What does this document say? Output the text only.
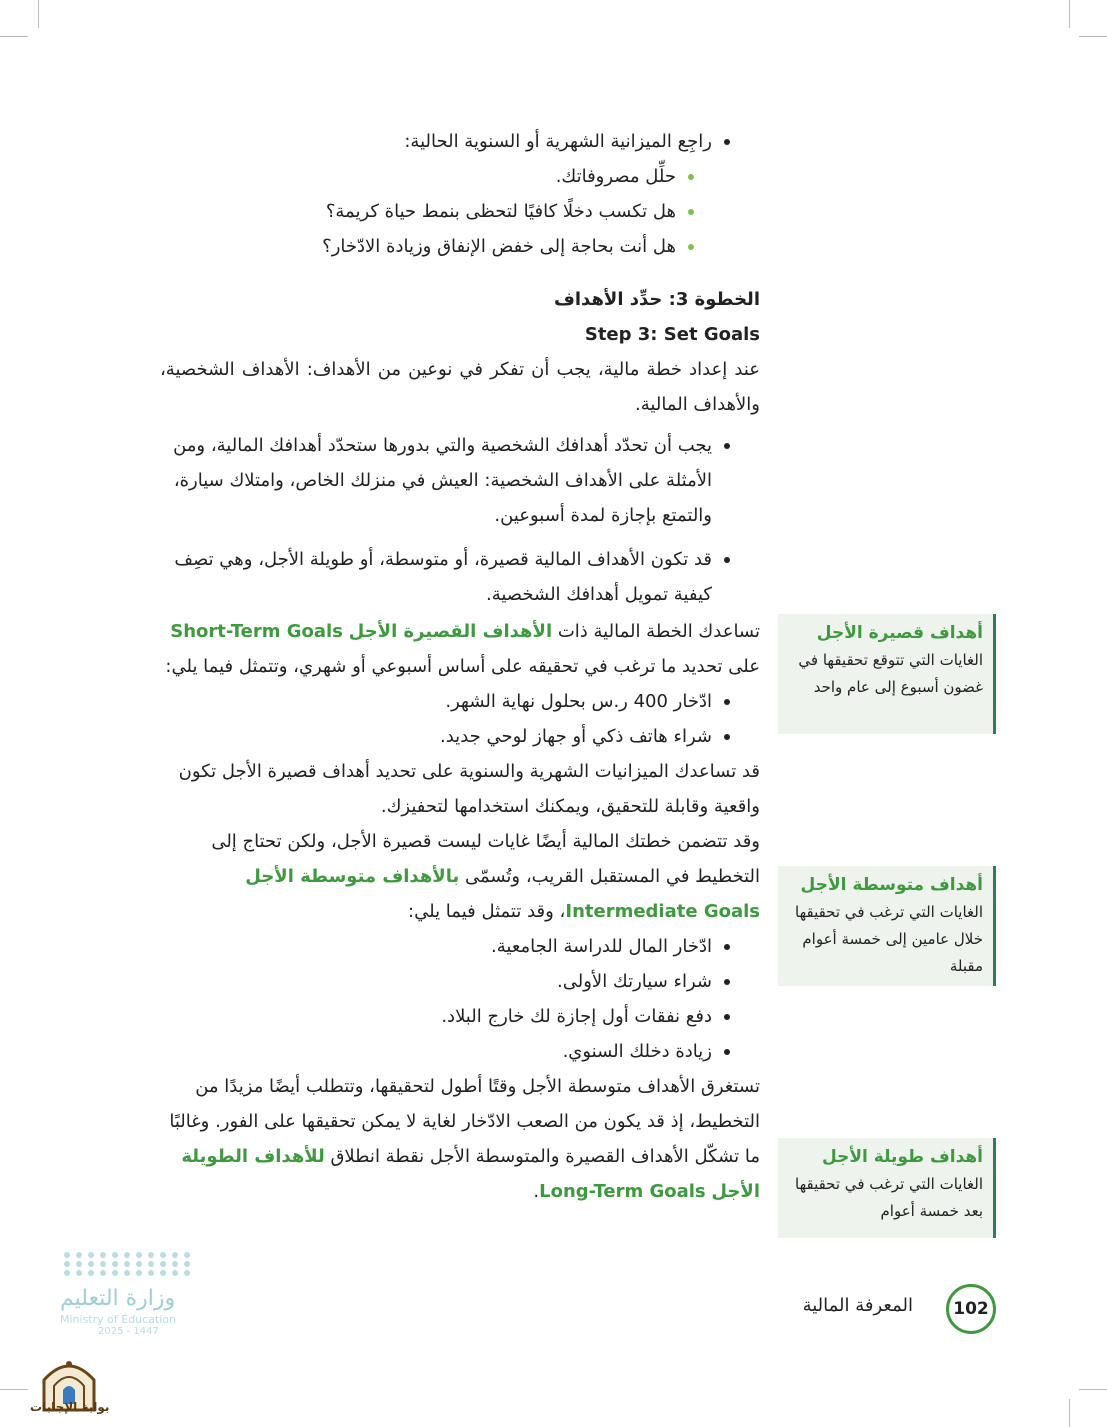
راجِع الميزانية الشهرية أو السنوية الحالية:
حلِّل مصروفاتك.
هل تكسب دخلًا كافيًا لتحظى بنمط حياة كريمة؟
هل أنت بحاجة إلى خفض الإنفاق وزيادة الادّخار؟

الخطوة 3: حدِّد الأهداف

Step 3: Set Goals

عند إعداد خطة مالية، يجب أن تفكر في نوعين من الأهداف: الأهداف الشخصية، والأهداف المالية.

يجب أن تحدّد أهدافك الشخصية والتي بدورها ستحدّد أهدافك المالية، ومن الأمثلة على الأهداف الشخصية: العيش في منزلك الخاص، وامتلاك سيارة، والتمتع بإجازة لمدة أسبوعين.
قد تكون الأهداف المالية قصيرة، أو متوسطة، أو طويلة الأجل، وهي تصِف كيفية تمويل أهدافك الشخصية.

تساعدك الخطة المالية ذات الأهداف القصيرة الأجل Short-Term Goals على تحديد ما ترغب في تحقيقه على أساس أسبوعي أو شهري، وتتمثل فيما يلي:

ادّخار 400 ر.س بحلول نهاية الشهر.
شراء هاتف ذكي أو جهاز لوحي جديد.

قد تساعدك الميزانيات الشهرية والسنوية على تحديد أهداف قصيرة الأجل تكون واقعية وقابلة للتحقيق، ويمكنك استخدامها لتحفيزك.

وقد تتضمن خطتك المالية أيضًا غايات ليست قصيرة الأجل، ولكن تحتاج إلى التخطيط في المستقبل القريب، وتُسمّى بالأهداف متوسطة الأجل Intermediate Goals، وقد تتمثل فيما يلي:

ادّخار المال للدراسة الجامعية.
شراء سيارتك الأولى.
دفع نفقات أول إجازة لك خارج البلاد.
زيادة دخلك السنوي.

تستغرق الأهداف متوسطة الأجل وقتًا أطول لتحقيقها، وتتطلب أيضًا مزيدًا من التخطيط، إذ قد يكون من الصعب الادّخار لغاية لا يمكن تحقيقها على الفور. وغالبًا ما تشكّل الأهداف القصيرة والمتوسطة الأجل نقطة انطلاق للأهداف الطويلة الأجل Long-Term Goals.

أهداف قصيرة الأجل
الغايات التي تتوقع تحقيقها في غضون أسبوع إلى عام واحد
أهداف متوسطة الأجل
الغايات التي ترغب في تحقيقها خلال عامين إلى خمسة أعوام مقبلة
أهداف طويلة الأجل
الغايات التي ترغب في تحقيقها بعد خمسة أعوام
المعرفة المالية	102
وزارة التعليم
Ministry of Education
2025 - 1447
بوابة الإجابات
